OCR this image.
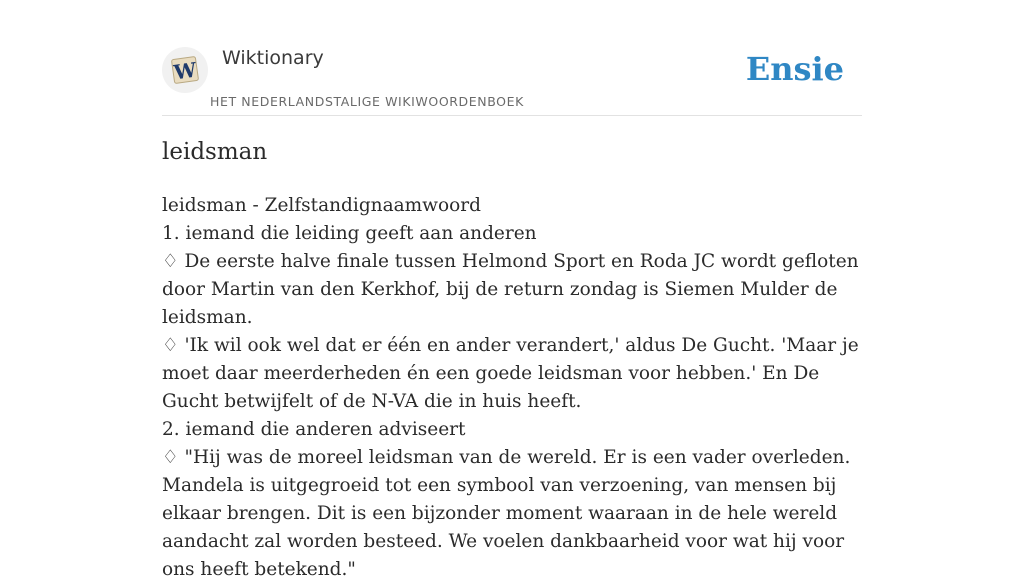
W Wiktionary
HET NEDERLANDSTALIGE WIKIWOORDENBOEK
Ensie
leidsman

leidsman - Zelfstandignaamwoord

1. iemand die leiding geeft aan anderen

♢ De eerste halve finale tussen Helmond Sport en Roda JC wordt gefloten door Martin van den Kerkhof, bij de return zondag is Siemen Mulder de leidsman.

♢ 'Ik wil ook wel dat er één en ander verandert,' aldus De Gucht. 'Maar je moet daar meerderheden én een goede leidsman voor hebben.' En De Gucht betwijfelt of de N-VA die in huis heeft.

2. iemand die anderen adviseert

♢ "Hij was de moreel leidsman van de wereld. Er is een vader overleden. Mandela is uitgegroeid tot een symbool van verzoening, van mensen bij elkaar brengen. Dit is een bijzonder moment waaraan in de hele wereld aandacht zal worden besteed. We voelen dankbaarheid voor wat hij voor ons heeft betekend."
